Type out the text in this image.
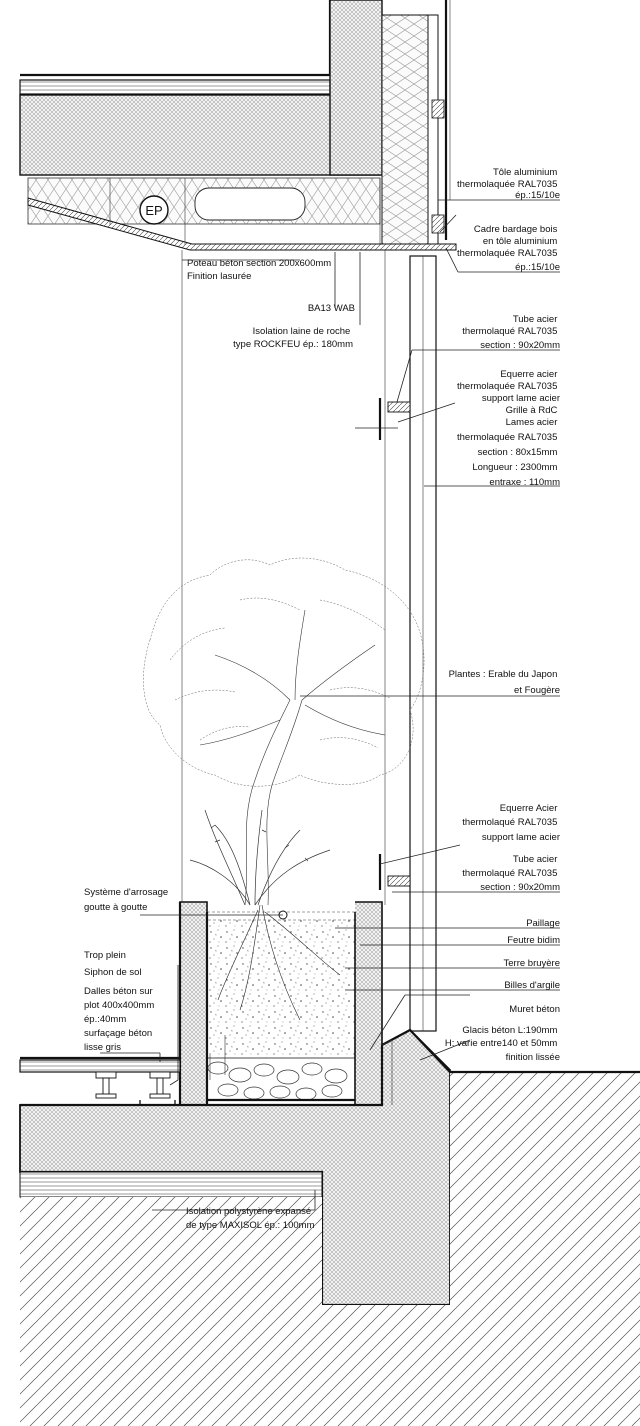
EP
Tôle aluminium thermolaquée RAL7035 ép.:15/10e
Cadre bardage bois en tôle aluminium thermolaquée RAL7035 ép.:15/10e
Tube acier thermolaqué RAL7035 section : 90x20mm
Equerre acier thermolaquée RAL7035 support lame acier
Grille à RdC Lames acier thermolaquée RAL7035 section : 80x15mm Longueur : 2300mm entraxe : 110mm
Plantes : Erable du Japon et Fougère
Equerre Acier thermolaqué RAL7035 support lame acier
Tube acier thermolaqué RAL7035 section : 90x20mm
Paillage
Feutre bidim
Terre bruyère
Billes d'argile
Muret béton
Glacis béton L:190mm H: varie entre140 et 50mm finition lissée
Poteau béton section 200x600mm Finition lasurée
BA13 WAB
Isolation laine de roche type ROCKFEU ép.: 180mm
Système d'arrosage goutte à goutte
Trop plein
Siphon de sol
Dalles béton sur plot 400x400mm ép.:40mm surfaçage béton lisse gris
Isolation polystyrène expansé de type MAXISOL ép.: 100mm
